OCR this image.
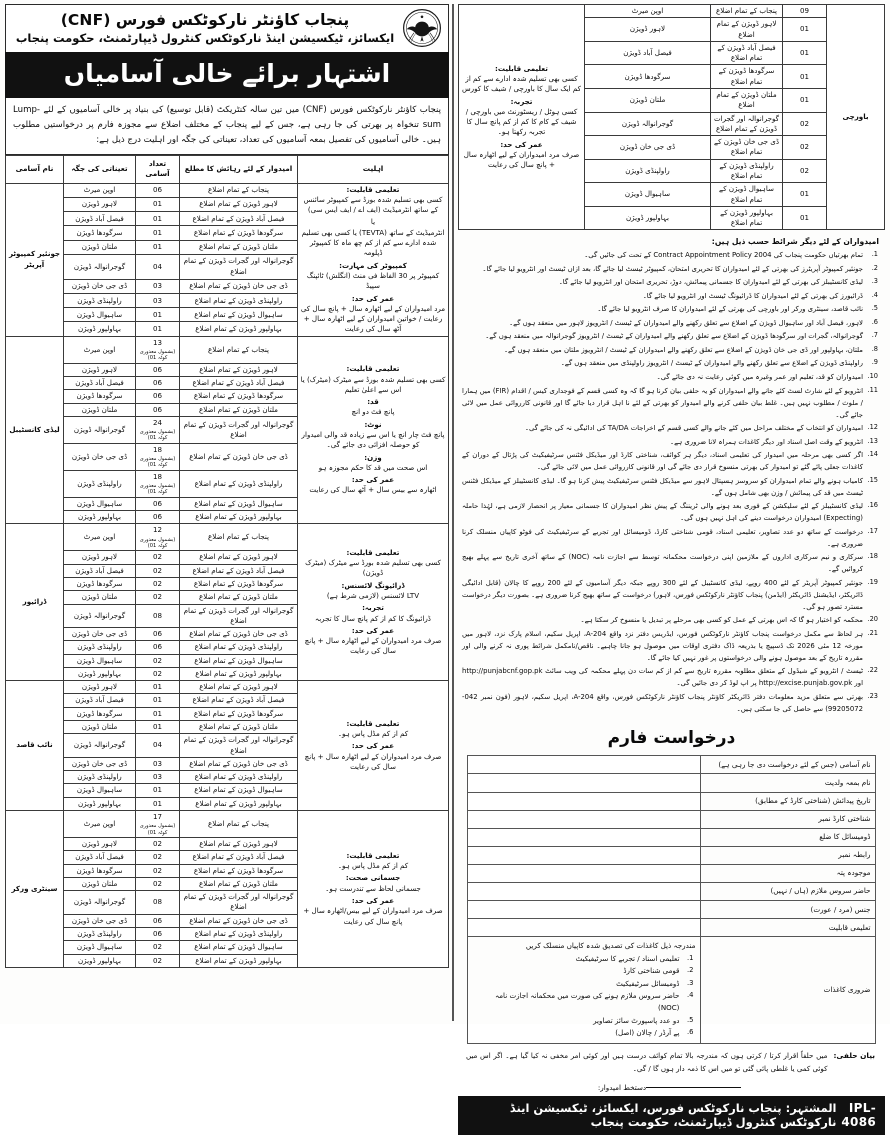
باورچی	09	پنجاب کے تمام اضلاع	اوپن میرٹ	
تعلیمی قابلیت:
کسی بھی تسلیم شدہ ادارے سے کم از کم ایک سال کا باورچی / شیف کا کورس
تجربہ:
کسی ہوٹل / ریسٹورنٹ میں باورچی / شیف کے کام کا کم از کم پانچ سال کا تجربہ رکھتا ہو۔
عمر کی حد:
صرف مرد امیدواران کے لیے اٹھارہ سال + پانچ سال کی رعایت

	01	لاہور ڈویژن کے تمام اضلاع	لاہور ڈویژن	
	01	فیصل آباد ڈویژن کے تمام اضلاع	فیصل آباد ڈویژن	
	01	سرگودھا ڈویژن کے تمام اضلاع	سرگودھا ڈویژن	
	01	ملتان ڈویژن کے تمام اضلاع	ملتان ڈویژن	
	02	گوجرانوالہ اور گجرات ڈویژن کے تمام اضلاع	گوجرانوالہ ڈویژن	
	02	ڈی جی خان ڈویژن کے تمام اضلاع	ڈی جی خان ڈویژن	
	02	راولپنڈی ڈویژن کے تمام اضلاع	راولپنڈی ڈویژن	
	01	ساہیوال ڈویژن کے تمام اضلاع	ساہیوال ڈویژن	
	01	بہاولپور ڈویژن کے تمام اضلاع	بہاولپور ڈویژن	
امیدواران کے لئے دیگر شرائط حسب ذیل ہیں:
تمام بھرتیاں حکومت پنجاب کی Contract Appointment Policy 2004 کے تحت کی جائیں گی۔
جونئیر کمپیوٹر آپریٹرز کی بھرتی کے لئے امیدواران کا تحریری امتحان، کمپیوٹر ٹیسٹ لیا جائے گا، بعد ازاں ٹیسٹ اور انٹرویو لیا جائے گا۔
لیڈی کانسٹیبلز کی بھرتی کے لئے امیدواران کا جسمانی پیمائش، دوڑ، تحریری امتحان اور انٹرویو لیا جائے گا۔
ڈرائیورز کی بھرتی کے لئے امیدواران کا ڈرائیونگ ٹیسٹ اور انٹرویو لیا جائے گا۔
نائب قاصد، سینٹری ورکر اور باورچی کی بھرتی کے لئے امیدواران کا صرف انٹرویو لیا جائے گا۔
لاہور، فیصل آباد اور ساہیوال ڈویژن کے اضلاع سے تعلق رکھنے والے امیدواران کے ٹیسٹ / انٹرویوز لاہور میں منعقد ہوں گے۔
گوجرانوالہ، گجرات اور سرگودھا ڈویژن کے اضلاع سے تعلق رکھنے والے امیدواران کے ٹیسٹ / انٹرویوز گوجرانوالہ میں منعقد ہوں گے۔
ملتان، بہاولپور اور ڈی جی خان ڈویژن کے اضلاع سے تعلق رکھنے والے امیدواران کے ٹیسٹ / انٹرویوز ملتان میں منعقد ہوں گے۔
راولپنڈی ڈویژن کے اضلاع سے تعلق رکھنے والے امیدواران کے ٹیسٹ / انٹرویوز راولپنڈی میں منعقد ہوں گے۔
امیدواران کو قد، تعلیم اور عمر وغیرہ میں کوئی رعایت نہ دی جائے گی۔
انٹرویو کے لئے شارٹ لسٹ کئے جانے والے امیدواران کو یہ حلفی بیان کرنا ہو گا کہ وہ کسی قسم کے فوجداری کیس / اقدام (FIR) میں ہمارا / ملوث / مطلوب نہیں ہیں۔ غلط بیان حلفی کرنے والے امیدوار کو بھرتی کے لئے نا اہل قرار دیا جائے گا اور قانونی کارروائی عمل میں لائی جائے گی۔
امیدواران کو انتخاب کے مختلف مراحل میں کئے جانے والے کسی قسم کے اخراجات TA/DA کی ادائیگی نہ کی جائے گی۔
انٹرویو کے وقت اصل اسناد اور دیگر کاغذات ہمراہ لانا ضروری ہے۔
اگر کسی بھی مرحلہ میں امیدوار کی تعلیمی اسناد، دیگر ہر کوائف، شناختی کارڈ اور میڈیکل فٹنس سرٹیفیکیٹ کی پڑتال کے دوران کے کاغذات جعلی پائے گئے تو امیدوار کی بھرتی منسوخ قرار دی جائے گی اور قانونی کارروائی عمل میں لائی جائے گی۔
کامیاب ہونے والے تمام امیدواران کو سروسز ہسپتال لاہور سے میڈیکل فٹنس سرٹیفیکیٹ پیش کرنا ہو گا۔ لیڈی کانسٹیبلز کے میڈیکل فٹنس ٹیسٹ میں قد کی پیمائش / وزن بھی شامل ہوں گے۔
لیڈی کانسٹیبلز کے لئے سلیکشن کے فوری بعد ہونے والی ٹریننگ کے پیش نظر امیدواران کا جسمانی معیار پر انحصار لازمی ہے، لہٰذا حاملہ (Expecting) امیدواران درخواست دینے کی اہل نہیں ہوں گی۔
درخواست کے ساتھ دو عدد تصاویر، تعلیمی اسناد، قومی شناختی کارڈ، ڈومیسائل اور تجربے کے سرٹیفیکیٹ کی فوٹو کاپیاں منسلک کرنا ضروری ہے۔
سرکاری و نیم سرکاری اداروں کے ملازمین اپنی درخواست محکمانہ توسط سے اجازت نامہ (NOC) کے ساتھ آخری تاریخ سے پہلے بھیج کروائیں گے۔
جونئیر کمپیوٹر آپریٹر کے لئے 400 روپے، لیڈی کانسٹیبل کے لئے 300 روپے جبکہ دیگر آسامیوں کے لئے 200 روپے کا چالان (قابل ادائیگی ڈائریکٹر، ایڈیشنل ڈائریکٹر (ایڈمن) پنجاب کاؤنٹر نارکوٹکس فورس، لاہور) درخواست کے ساتھ بھیج کرنا ضروری ہے۔ بصورت دیگر درخواست مسترد تصور ہو گی۔
محکمہ کو اختیار ہو گا کہ اس بھرتی کے عمل کو کسی بھی مرحلے پر تبدیل یا منسوخ کر سکتا ہے۔
ہر لحاظ سے مکمل درخواست پنجاب کاؤنٹر نارکوٹکس فورس، ایڈریس دفتر نزد واقع A-204، اپریل سکیم، اسلام پارک نزد، لاہور میں مورخہ 12 مئی 2026 تک ڈسپیچ یا بذریعہ ڈاک دفتری اوقات میں موصول ہو جانا چاہیے۔ ناقص/نامکمل شرائط پوری نہ کرنے والی اور مقررہ تاریخ کے بعد موصول ہونے والی درخواستوں پر غور نہیں کیا جائے گا۔
ٹیسٹ / انٹرویو کے شیڈول کے متعلق مطلوبہ مقررہ تاریخ سے کم از کم سات دن پہلے محکمہ کی ویب سائٹ http://punjabcnf.gop.pk اور http://excise.punjab.gov.pk پر اپ لوڈ کر دی جائیں گی۔
بھرتی سے متعلق مزید معلومات دفتر ڈائریکٹر کاؤنٹر پنجاب کاؤنٹر نارکوٹکس فورس، واقع A-204، اپریل سکیم، لاہور (فون نمبر 042-99205072) سے حاصل کی جا سکتی ہیں۔
درخواست فارم
نام آسامی (جس کے لئے درخواست دی جا رہی ہے)	
نام بمعہ ولدیت	
تاریخ پیدائش (شناختی کارڈ کے مطابق)	
شناختی کارڈ نمبر	
ڈومیسائل کا ضلع	
رابطہ نمبر	
موجودہ پتہ	
حاضر سروس ملازم (ہاں / نہیں)	
جنس (مرد / عورت)	
تعلیمی قابلیت	
ضروری کاغذات	
مندرجہ ذیل کاغذات کی تصدیق شدہ کاپیاں منسلک کریں
تعلیمی اسناد / تجربے کا سرٹیفیکیٹ
قومی شناختی کارڈ
ڈومیسائل سرٹیفیکیٹ
حاضر سروس ملازم ہونے کی صورت میں محکمانہ اجازت نامہ (NOC)
دو عدد پاسپورٹ سائز تصاویر
پے آرڈر / چالان (اصل)
بیان حلفی:
میں حلفاً اقرار کرتا / کرتی ہوں کہ مندرجہ بالا تمام کوائف درست ہیں اور کوئی امر مخفی نہ کیا گیا ہے۔ اگر اس میں کوئی کمی یا غلطی پائی گئی تو میں اس کا ذمہ دار ہوں گا / گی۔
دستخط امیدوار:
IPL-4086
المشتہر: پنجاب نارکوٹکس فورس، ایکسائز، ٹیکسیشن اینڈ نارکوٹکس کنٹرول ڈیپارٹمنٹ، حکومت پنجاب
پنجاب کاؤنٹر نارکوٹکس فورس (CNF)
ایکسائز، ٹیکسیشن اینڈ نارکوٹکس کنٹرول ڈیپارٹمنٹ، حکومت پنجاب
اشتہار برائے خالی آسامیاں
پنجاب کاؤنٹر نارکوٹکس فورس (CNF) میں تین سالہ کنٹریکٹ (قابل توسیع) کی بنیاد پر خالی آسامیوں کے لئے Lump-sum تنخواہ پر بھرتی کی جا رہی ہے، جس کے لیے پنجاب کے مختلف اضلاع سے مجوزہ فارم پر درخواستیں مطلوب ہیں۔ خالی آسامیوں کی تفصیل بمعہ آسامیوں کی تعداد، تعیناتی کی جگہ اور اہلیت درج ذیل ہے:
اہلیت	امیدوار کے لئے رہائش کا مطلع	تعداد آسامی	تعیناتی کی جگہ	نام آسامی

تعلیمی قابلیت:
کسی بھی تسلیم شدہ بورڈ سے کمپیوٹر سائنس کے ساتھ انٹرمیڈیٹ (ایف اے / ایف ایس سی)
یا
انٹرمیڈیٹ کے ساتھ (TEVTA) یا کسی بھی تسلیم شدہ ادارے سے کم از کم چھ ماہ کا کمپیوٹر ڈپلومہ
کمپیوٹر کی مہارت:
کمپیوٹر پر 30 الفاظ فی منٹ (انگلش) ٹائپنگ سپیڈ
عمر کی حد:
مرد امیدواران کے لیے اٹھارہ سال + پانچ سال کی رعایت / خواتین امیدواران کے لیے اٹھارہ سال + آٹھ سال کی رعایت
	پنجاب کے تمام اضلاع	06	اوپن میرٹ	جونئیر کمپیوٹر آپریٹر
	لاہور ڈویژن کے تمام اضلاع	01	لاہور ڈویژن	
	فیصل آباد ڈویژن کے تمام اضلاع	01	فیصل آباد ڈویژن	
	سرگودھا ڈویژن کے تمام اضلاع	01	سرگودھا ڈویژن	
	ملتان ڈویژن کے تمام اضلاع	01	ملتان ڈویژن	
	گوجرانوالہ اور گجرات ڈویژن کے تمام اضلاع	04	گوجرانوالہ ڈویژن	
	ڈی جی خان ڈویژن کے تمام اضلاع	03	ڈی جی خان ڈویژن	
	راولپنڈی ڈویژن کے تمام اضلاع	03	راولپنڈی ڈویژن	
	ساہیوال ڈویژن کے تمام اضلاع	01	ساہیوال ڈویژن	
	بہاولپور ڈویژن کے تمام اضلاع	01	بہاولپور ڈویژن	

تعلیمی قابلیت:
کسی بھی تسلیم شدہ بورڈ سے میٹرک (میٹرک) یا اس سے اعلیٰ تعلیم
قد:
پانچ فٹ دو انچ
نوٹ:
پانچ فٹ چار انچ یا اس سے زیادہ قد والی امیدوار کو حوصلہ افزائی دی جائے گی۔
وزن:
اس صحت میں قد کا حکم مجوزہ ہو
عمر کی حد:
اٹھارہ سے بیس سال + آٹھ سال کی رعایت
	پنجاب کے تمام اضلاع	13
(بشمول معذوری کوٹہ 01)
	اوپن میرٹ	لیڈی کانسٹیبل
	لاہور ڈویژن کے تمام اضلاع	06	لاہور ڈویژن	
	فیصل آباد ڈویژن کے تمام اضلاع	06	فیصل آباد ڈویژن	
	سرگودھا ڈویژن کے تمام اضلاع	06	سرگودھا ڈویژن	
	ملتان ڈویژن کے تمام اضلاع	06	ملتان ڈویژن	
	گوجرانوالہ اور گجرات ڈویژن کے تمام اضلاع	24
(بشمول معذوری کوٹہ 01)	گوجرانوالہ ڈویژن	
	ڈی جی خان ڈویژن کے تمام اضلاع	18
(بشمول معذوری کوٹہ 01)	ڈی جی خان ڈویژن	
	راولپنڈی ڈویژن کے تمام اضلاع	18
(بشمول معذوری کوٹہ 01)	راولپنڈی ڈویژن	
	ساہیوال ڈویژن کے تمام اضلاع	06	ساہیوال ڈویژن	
	بہاولپور ڈویژن کے تمام اضلاع	06	بہاولپور ڈویژن	

تعلیمی قابلیت:
کسی بھی تسلیم شدہ بورڈ سے میٹرک (میٹرک ڈویژن)
ڈرائیونگ لائسنس:
LTV لائسنس (لازمی شرط ہے)
تجربہ:
ڈرائیونگ کا کم از کم پانچ سال کا تجربہ
عمر کی حد:
صرف مرد امیدواران کے لیے اٹھارہ سال + پانچ سال کی رعایت
	پنجاب کے تمام اضلاع	12
(بشمول معذوری کوٹہ 01)
	اوپن میرٹ	ڈرائیور
	لاہور ڈویژن کے تمام اضلاع	02	لاہور ڈویژن	
	فیصل آباد ڈویژن کے تمام اضلاع	02	فیصل آباد ڈویژن	
	سرگودھا ڈویژن کے تمام اضلاع	02	سرگودھا ڈویژن	
	ملتان ڈویژن کے تمام اضلاع	02	ملتان ڈویژن	
	گوجرانوالہ اور گجرات ڈویژن کے تمام اضلاع	08	گوجرانوالہ ڈویژن	
	ڈی جی خان ڈویژن کے تمام اضلاع	06	ڈی جی خان ڈویژن	
	راولپنڈی ڈویژن کے تمام اضلاع	06	راولپنڈی ڈویژن	
	ساہیوال ڈویژن کے تمام اضلاع	02	ساہیوال ڈویژن	
	بہاولپور ڈویژن کے تمام اضلاع	02	بہاولپور ڈویژن	

تعلیمی قابلیت:
کم از کم مڈل پاس ہو۔
عمر کی حد:
صرف مرد امیدواران کے لیے اٹھارہ سال + پانچ سال کی رعایت	لاہور ڈویژن کے تمام اضلاع	01	لاہور ڈویژن	نائب قاصد
	فیصل آباد ڈویژن کے تمام اضلاع	01	فیصل آباد ڈویژن	
	سرگودھا ڈویژن کے تمام اضلاع	01	سرگودھا ڈویژن	
	ملتان ڈویژن کے تمام اضلاع	01	ملتان ڈویژن	
	گوجرانوالہ اور گجرات ڈویژن کے تمام اضلاع	04	گوجرانوالہ ڈویژن	
	ڈی جی خان ڈویژن کے تمام اضلاع	03	ڈی جی خان ڈویژن	
	راولپنڈی ڈویژن کے تمام اضلاع	03	راولپنڈی ڈویژن	
	ساہیوال ڈویژن کے تمام اضلاع	01	ساہیوال ڈویژن	
	بہاولپور ڈویژن کے تمام اضلاع	01	بہاولپور ڈویژن	

تعلیمی قابلیت:
کم از کم مڈل پاس ہو۔
جسمانی صحت:
جسمانی لحاظ سے تندرست ہو۔
عمر کی حد:
صرف مرد امیدواران کے لیے بیس/اٹھارہ سال + پانچ سال کی رعایت
	پنجاب کے تمام اضلاع	17
(بشمول معذوری کوٹہ 01)
	اوپن میرٹ	سینٹری ورکر
	لاہور ڈویژن کے تمام اضلاع	02	لاہور ڈویژن	
	فیصل آباد ڈویژن کے تمام اضلاع	02	فیصل آباد ڈویژن	
	سرگودھا ڈویژن کے تمام اضلاع	02	سرگودھا ڈویژن	
	ملتان ڈویژن کے تمام اضلاع	02	ملتان ڈویژن	
	گوجرانوالہ اور گجرات ڈویژن کے تمام اضلاع	08	گوجرانوالہ ڈویژن	
	ڈی جی خان ڈویژن کے تمام اضلاع	06	ڈی جی خان ڈویژن	
	راولپنڈی ڈویژن کے تمام اضلاع	06	راولپنڈی ڈویژن	
	ساہیوال ڈویژن کے تمام اضلاع	02	ساہیوال ڈویژن	
	بہاولپور ڈویژن کے تمام اضلاع	02	بہاولپور ڈویژن	
